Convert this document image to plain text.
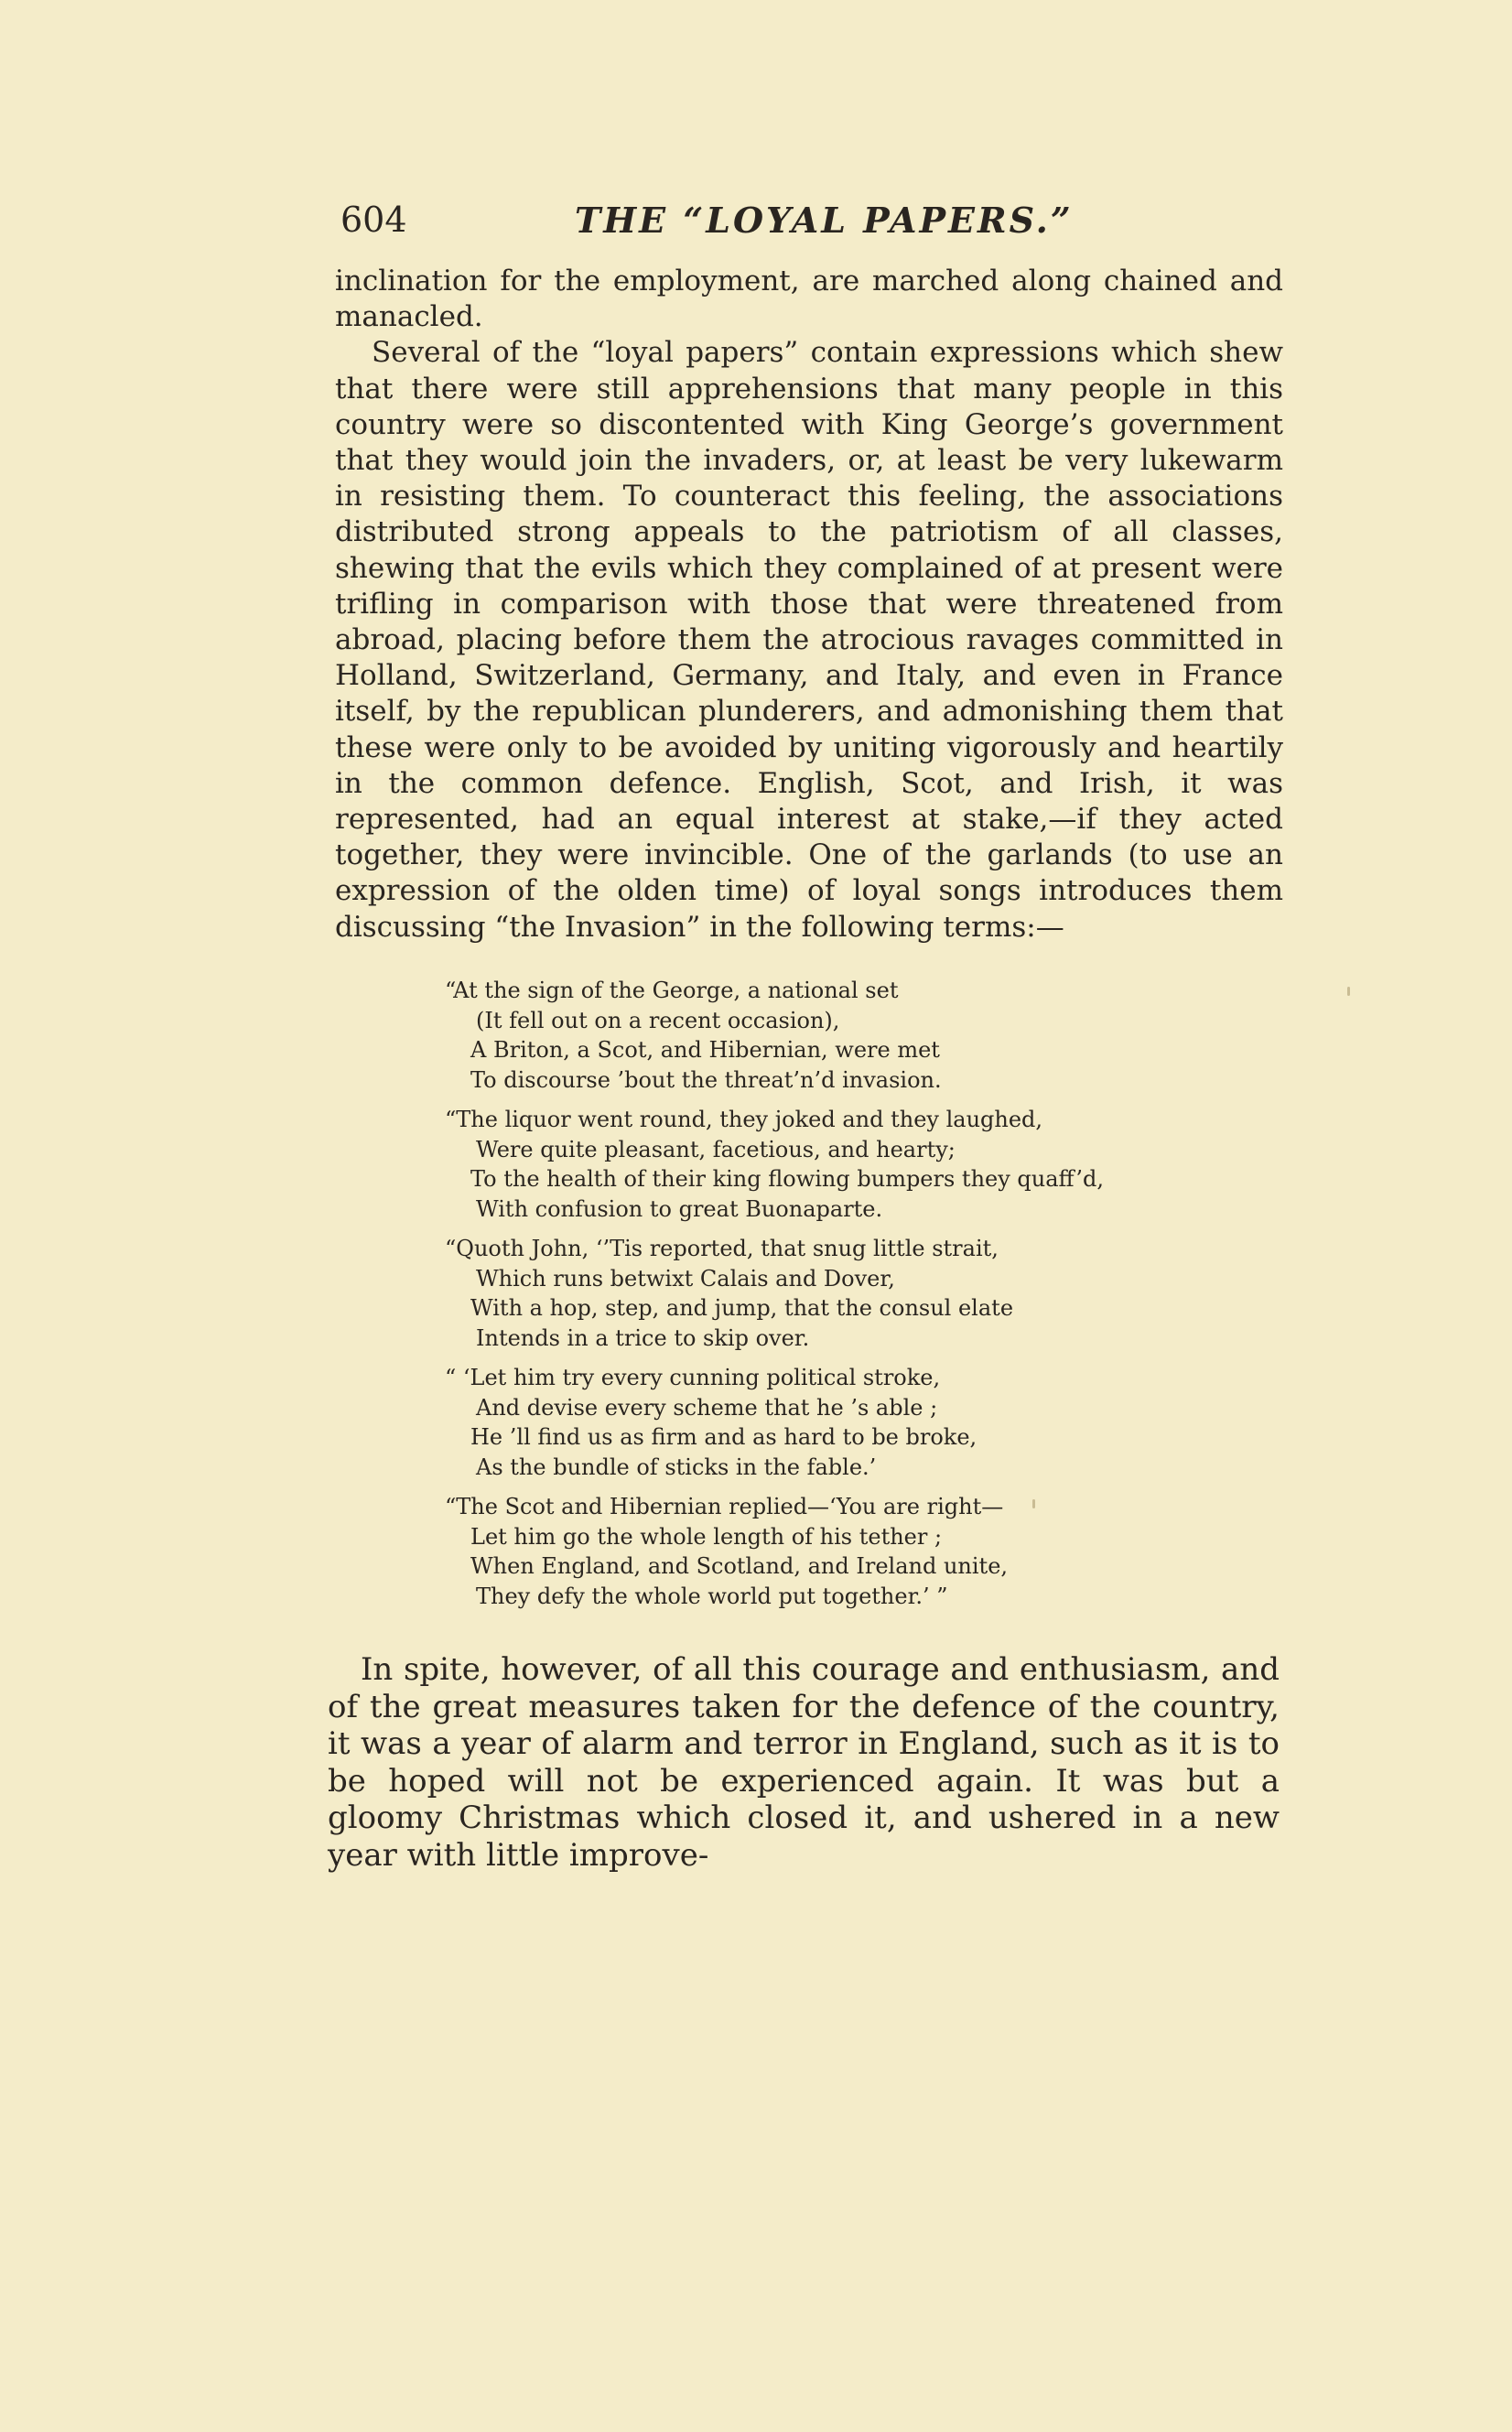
604	THE “LOYAL PAPERS.”

inclination for the employment, are marched along chained and manacled.

Several of the “loyal papers” contain expressions which shew that there were still apprehensions that many people in this country were so discontented with King George’s government that they would join the invaders, or, at least be very lukewarm in resisting them. To counteract this feeling, the associations distributed strong appeals to the patriotism of all classes, shewing that the evils which they complained of at present were trifling in comparison with those that were threatened from abroad, placing before them the atrocious ravages committed in Holland, Switzerland, Germany, and Italy, and even in France itself, by the republican plunderers, and admonishing them that these were only to be avoided by uniting vigorously and heartily in the common defence. English, Scot, and Irish, it was represented, had an equal interest at stake,—if they acted together, they were invincible. One of the garlands (to use an expression of the olden time) of loyal songs introduces them discussing “the Invasion” in the following terms:—

“At the sign of the George, a national set
(It fell out on a recent occasion),
A Briton, a Scot, and Hibernian, were met
To discourse ’bout the threat’n’d invasion.
“The liquor went round, they joked and they laughed,
Were quite pleasant, facetious, and hearty;
To the health of their king flowing bumpers they quaff’d,
With confusion to great Buonaparte.
“Quoth John, ‘’Tis reported, that snug little strait,
Which runs betwixt Calais and Dover,
With a hop, step, and jump, that the consul elate
Intends in a trice to skip over.
“ ‘Let him try every cunning political stroke,
And devise every scheme that he ’s able ;
He ’ll find us as firm and as hard to be broke,
As the bundle of sticks in the fable.’
“The Scot and Hibernian replied—‘You are right—
Let him go the whole length of his tether ;
When England, and Scotland, and Ireland unite,
They defy the whole world put together.’ ”

In spite, however, of all this courage and enthusiasm, and of the great measures taken for the defence of the country, it was a year of alarm and terror in England, such as it is to be hoped will not be experienced again. It was but a gloomy Christmas which closed it, and ushered in a new year with little improve-
